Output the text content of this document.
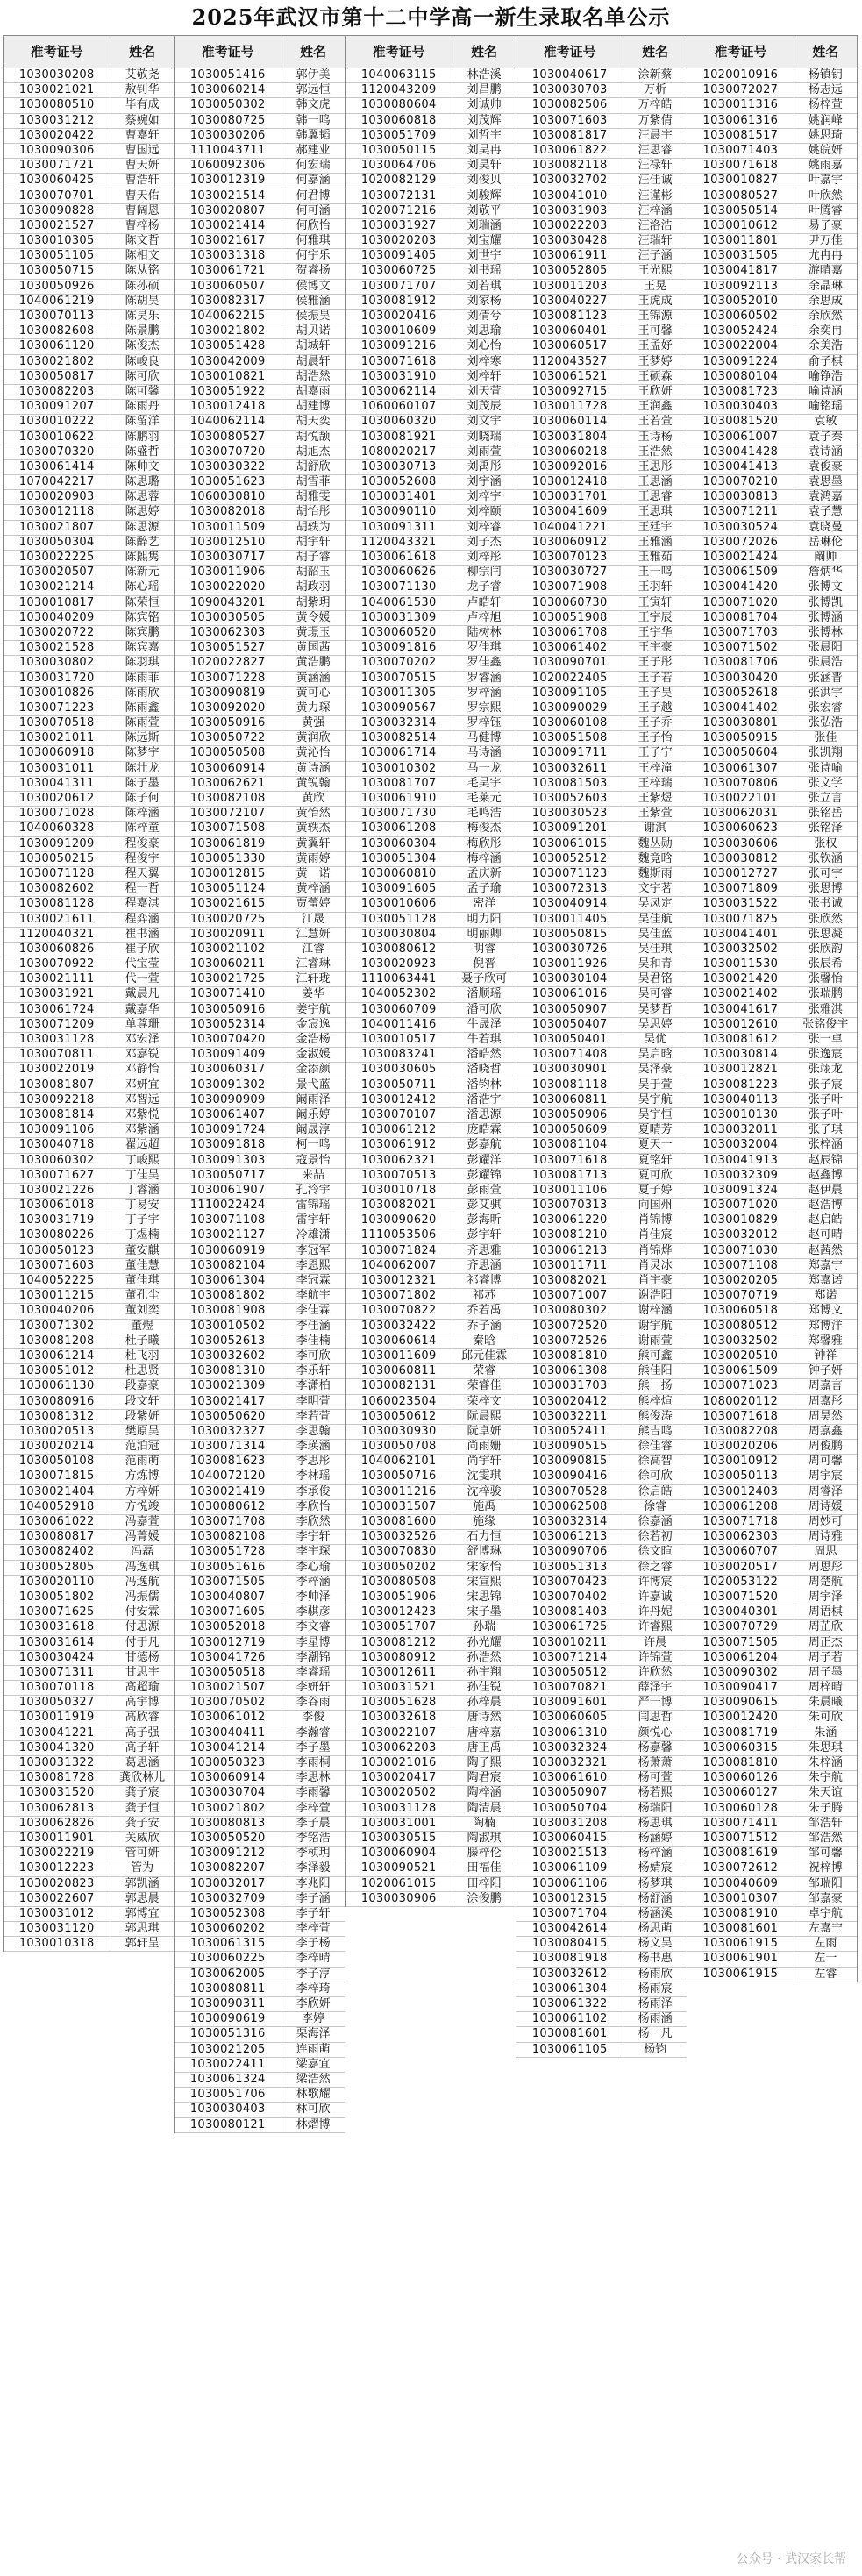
2025年武汉市第十二中学高一新生录取名单公示
准考证号	姓名
1030030208	艾敬尧
1030021021	敖钊华
1030080510	毕有成
1030031212	蔡婉如
1030020422	曹嘉轩
1030090306	曹国远
1030071721	曹天妍
1030060425	曹浩轩
1030070701	曹天佑
1030090828	曹阔恩
1030021527	曹梓杨
1030010305	陈文哲
1030051105	陈相文
1030050715	陈从铭
1030050926	陈孙硕
1040061219	陈胡昊
1030070113	陈昊乐
1030082608	陈景鹏
1030061120	陈俊杰
1030021802	陈峻良
1030050817	陈可欣
1030082203	陈可馨
1030091207	陈雨丹
1030010222	陈留洋
1030010622	陈鹏羽
1030070320	陈盛哲
1030061414	陈帅文
1070042217	陈思璐
1030020903	陈思蓉
1030012118	陈思婷
1030021807	陈思源
1030050304	陈醉艺
1030022225	陈熙隽
1030020507	陈新元
1030021214	陈心瑶
1030010817	陈荣恒
1030040209	陈宾铭
1030020722	陈宾鹏
1030021528	陈宾嘉
1030030802	陈羽琪
1030031720	陈雨菲
1030010826	陈雨欣
1030071223	陈雨鑫
1030070518	陈雨萱
1030021011	陈远斯
1030060918	陈梦宇
1030031011	陈壮龙
1030041311	陈子墨
1030020612	陈子何
1030071028	陈梓涵
1040060328	陈梓童
1030091209	程俊豪
1030050215	程俊宇
1030071128	程天翼
1030082602	程一哲
1030081128	程嘉淇
1030021611	程弈涵
1120040321	崔书涵
1030060826	崔子欣
1030070922	代宝莹
1030021111	代一萱
1030031921	戴晨凡
1030061724	戴嘉华
1030071209	单尊珊
1030031128	邓宏泽
1030070811	邓嘉锐
1030022019	邓静怡
1030081807	邓妍宜
1030092218	邓智远
1030081814	邓紫悦
1030091106	邓紫涵
1030040718	翟远超
1030060302	丁峻熙
1030071627	丁佳昊
1030021226	丁睿涵
1030061018	丁易安
1030031719	丁子宇
1030080226	丁煜楠
1030050123	董安麒
1030071603	董佳慧
1040052225	董佳琪
1030011215	董孔尘
1030040206	董刘奕
1030071302	董煜
1030081208	杜子曦
1030061214	杜飞羽
1030051012	杜思贤
1030061130	段嘉豪
1030080916	段文轩
1030081312	段紫妍
1030020513	樊原昊
1030020214	范泊冠
1030050108	范雨萌
1030071815	方炼博
1030021404	方梓妍
1040052918	方悦竣
1030061022	冯嘉萱
1030080817	冯菁媛
1030082402	冯磊
1030052805	冯逸琪
1030020110	冯逸航
1030051802	冯振儒
1030071625	付安霖
1030031618	付思源
1030031614	付于凡
1030030424	甘德杨
1030071311	甘思宇
1030070118	高超瑜
1030050327	高宇博
1030011919	高欣睿
1030041221	高子强
1030041320	高子轩
1030031322	葛思涵
1030081728	龚欣林儿
1030031520	龚子宸
1030062813	龚子恒
1030062826	龚子安
1030011901	关威欣
1030022219	管可妍
1030012223	管为
1030020823	郭凯涵
1030022607	郭思晨
1030031012	郭博宜
1030031120	郭思琪
1030010318	郭轩呈
准考证号	姓名
1030051416	郭伊美
1030060214	郭远恒
1030050302	韩文虎
1030080725	韩一鸣
1030030206	韩翼韬
1110043711	郝建业
1060092306	何宏瑞
1030012319	何嘉涵
1030021514	何君博
1030020807	何可涵
1030021414	何欣怡
1030021617	何雅琪
1030031318	何宇乐
1030061721	贺睿扬
1030060507	侯博文
1030082317	侯雅涵
1040062215	侯振昊
1030021802	胡贝诺
1030051428	胡城轩
1030042009	胡晨轩
1030010821	胡浩然
1030051922	胡嘉雨
1030012418	胡建博
1040062114	胡天奕
1030080527	胡悦颉
1030070720	胡旭杰
1030030322	胡舒欣
1030051623	胡雪菲
1060030810	胡雅雯
1030082018	胡怡彤
1030011509	胡轶为
1030012510	胡宇轩
1030030717	胡子睿
1030011906	胡韶玉
1030022020	胡政羽
1090043201	胡紫玥
1030030505	黄令媛
1030062303	黄璟玉
1030051527	黄国茜
1020022827	黄浩鹏
1030071228	黄涵涵
1030090819	黄可心
1030092020	黄力琛
1030050916	黄强
1030050722	黄润欣
1030050508	黄沁怡
1030060914	黄诗涵
1030062621	黄锐翰
1030082108	黄欣
1030072107	黄怡然
1030071508	黄轶杰
1030061819	黄翼轩
1030051330	黄雨婷
1030012815	黄一诺
1030051124	黄梓涵
1030021615	贾蕾婷
1030020725	江晟
1030020911	江慧妍
1030021102	江睿
1030060211	江睿琳
1030021725	江轩珑
1030071410	姜华
1030050916	姜宇航
1030052314	金宸逸
1030070420	金浩杨
1030091409	金淑媛
1030060317	金添颜
1030091302	景弋蓝
1030090909	阚雨泽
1030061407	阚乐婷
1030091724	阚晟淳
1030091818	柯一鸣
1030091303	寇景怡
1030050717	来喆
1030061907	孔泠宇
1110022424	雷锦瑶
1030071108	雷宇轩
1030021127	冷雄潇
1030060919	李冠军
1030082104	李恩熙
1030061304	李冠霖
1030081802	李航宇
1030081908	李佳霖
1030010502	李佳涵
1030052613	李佳楠
1030032602	李可欣
1030081310	李乐轩
1030021309	李潇柏
1030021417	李明萱
1030050620	李若萱
1030032327	李思翰
1030071314	李瑛涵
1030081623	李思彤
1040072120	李林瑶
1030021419	李承俊
1030080612	李欣怡
1030071708	李欣然
1030082108	李宇轩
1030051728	李宇琛
1030051616	李心瑜
1030071505	李梓涵
1030040807	李帅泽
1030071605	李骐彦
1030052018	李文睿
1030012719	李星博
1030041726	李潮锦
1030050518	李睿瑶
1030021507	李妍轩
1030070502	李谷雨
1030061012	李俊
1030040411	李瀚睿
1030041214	李子墨
1030050323	李雨桐
1030060914	李思林
1030030704	李雨馨
1030021802	李梓萱
1030080813	李子晨
1030050520	李铭浩
1030091212	李桢玥
1030082207	李泽毅
1030032017	李兆阳
1030032709	李子涵
1030052308	李子轩
1030060202	李梓萱
1030061315	李子杨
1030060225	李梓晴
1030062005	李子淳
1030080811	李梓琦
1030090311	李欣妍
1030090619	李婷
1030051316	栗海泽
1030021205	连雨萌
1030022411	梁嘉宜
1030061324	梁浩然
1030051706	林歌耀
1030030403	林可欣
1030080121	林熠博
准考证号	姓名
1040063115	林浩溪
1120043209	刘昌鹏
1030080604	刘诚帅
1030060818	刘茂辉
1030051709	刘哲宇
1030050115	刘昊冉
1030064706	刘昊轩
1020082129	刘俊贝
1030072131	刘骏辉
1020071216	刘敬平
1030031927	刘瑞涵
1030020203	刘宝耀
1030091405	刘世宇
1030060725	刘书瑶
1030071707	刘若琪
1030081912	刘家杨
1030020416	刘倩兮
1030010609	刘思瑜
1030091216	刘心怡
1030071618	刘梓寒
1030031910	刘梓轩
1030062114	刘天萱
1060060107	刘茂辰
1030060320	刘文宇
1030081921	刘晓瑞
1080020217	刘雨萱
1030030713	刘禹彤
1030052608	刘宇涵
1030031401	刘梓宇
1030090110	刘梓颐
1030091311	刘梓睿
1120043321	刘子杰
1030061618	刘梓彤
1030060626	柳宗闫
1030071130	龙子睿
1040061530	卢皓轩
1030031309	卢梓旭
1030060520	陆树林
1030091816	罗佳琪
1030070202	罗佳鑫
1030070515	罗睿涵
1030011305	罗梓涵
1030090567	罗宗熙
1030032314	罗梓钰
1030082514	马健博
1030061714	马诗涵
1030010302	马一龙
1030081707	毛昊宇
1030061910	毛莱元
1030071730	毛鸣浩
1030061208	梅俊杰
1030060304	梅欣彤
1030051304	梅梓涵
1030060810	孟庆新
1030091605	孟子瑜
1030010606	密洋
1030051128	明力阳
1030030804	明丽卿
1030080612	明睿
1030020923	倪晋
1110063441	聂子欣可
1040052302	潘顺瑶
1030060709	潘可欣
1040011416	牛晟泽
1030010517	牛若琪
1030083241	潘皓然
1030030605	潘晓哲
1030050711	潘钧林
1030012412	潘浩宇
1030070107	潘思源
1030061212	庞皓霖
1030061912	彭嘉航
1030062321	彭耀洋
1030070513	彭耀锦
1030010718	彭雨萱
1030082021	彭艾骐
1030090620	彭海昕
1110053506	彭宇轩
1030071824	齐思雅
1040062007	齐思涵
1030012321	祁睿博
1030071802	祁苏
1030070822	乔若禹
1030032422	乔子涵
1030060614	秦晗
1030011609	邱元佳霖
1030060811	荣睿
1030082131	荣睿佳
1060023504	荣梓文
1030050612	阮晨熙
1030030930	阮卓妍
1030050708	尚雨姗
1040062101	尚宇轩
1030050716	沈雯琪
1030011216	沈梓骏
1030031507	施禹
1030081600	施缘
1030032526	石力恒
1030070830	舒博琳
1030050202	宋家怡
1030080508	宋宣熙
1030051906	宋思锦
1030012423	宋子墨
1030051707	孙瑞
1030081212	孙光耀
1030080912	孙浩然
1030012611	孙宇翔
1030031521	孙佳锐
1030051628	孙梓晨
1030032618	唐诗然
1030022107	唐梓嘉
1030062203	唐正禹
1030021016	陶子熙
1030020417	陶君宸
1030020502	陶梓涵
1030031128	陶清晨
1030031001	陶楠
1030030515	陶淑琪
1030060904	滕梓伦
1030090521	田福佳
1020061015	田梓阳
1030030906	涂俊鹏
准考证号	姓名
1030040617	涂新蔡
1030030703	万析
1030082506	万梓皓
1030071603	万紫倩
1030081817	汪晨宇
1030061822	汪思睿
1030082118	汪禄轩
1030032702	汪佳诚
1030041010	汪谨彬
1030031903	汪梓涵
1030022203	汪洛浩
1030030428	汪瑞轩
1030061911	汪子涵
1030052805	王光熙
1030011203	王晃
1030040227	王虎成
1030081123	王锦源
1030060401	王可馨
1030060517	王孟妤
1120043527	王梦婷
1030061521	王硕森
1030092715	王欣妍
1030011728	王润鑫
1030060114	王若萱
1030031804	王诗杨
1030060218	王浩然
1030092016	王思彤
1030012418	王思涵
1030031701	王思睿
1030041609	王思琪
1040041221	王廷宇
1030060912	王雅涵
1030070123	王雅茹
1030030727	王一鸣
1030071908	王羽轩
1030060730	王寅轩
1030051908	王宇辰
1030061708	王宇华
1030061402	王宇豪
1030090701	王子彤
1020022405	王子若
1030091105	王子昊
1030090029	王子越
1030060108	王子乔
1030051508	王子怡
1030091711	王子宁
1030032611	王梓潼
1030081503	王梓瑞
1030052603	王紫煜
1030030523	王紫萱
1030091201	谢淇
1030061015	魏丛勋
1030052512	魏竟晗
1030071123	魏斯雨
1030072313	文宇茗
1030040914	吴凤定
1030011405	吴佳航
1030050815	吴佳蓝
1030030726	吴佳琪
1030011926	吴和青
1030030104	吴君铭
1030061016	吴可睿
1030050907	吴梦哲
1030050407	吴思婷
1030050401	吴优
1030071408	吴启晗
1030030901	吴泽豪
1030081118	吴于萱
1030060811	吴宇航
1030050906	吴宇恒
1030050609	夏晴芳
1030081104	夏天一
1030071618	夏铭轩
1030081713	夏可欣
1030011106	夏子婷
1030070313	向国州
1030061220	肖锦博
1030081210	肖佳宸
1030061213	肖锦烨
1030011711	肖灵冰
1030082021	肖宇豪
1030071007	谢浩阳
1030080302	谢梓涵
1030072520	谢宇航
1030072526	谢雨萱
1030081810	熊可鑫
1030061308	熊佳阳
1030031703	熊一扬
1030020412	熊梓煊
1030032211	熊俊涛
1030052411	熊吉鸣
1030090515	徐佳睿
1030090815	徐高智
1030090416	徐可欣
1030070528	徐启皓
1030062508	徐睿
1030032314	徐嘉涵
1030061213	徐若初
1030090706	徐文暄
1030051313	徐之睿
1030070423	许博宸
1030070402	许嘉诚
1030081403	许丹妮
1030061725	许睿熙
1030010211	许晨
1030071214	许锦萱
1030050512	许欣然
1030070821	薛泽宇
1030091601	严一博
1030060605	闫思哲
1030061310	颜悦心
1030032324	杨嘉馨
1030032321	杨萧萧
1030061610	杨可萱
1030050907	杨若熙
1030050704	杨瑞阳
1030031208	杨思琪
1030060415	杨涵婷
1030021513	杨梓涵
1030061109	杨婧宸
1030061106	杨梦琪
1030012315	杨舒涵
1030071704	杨涵溪
1030042614	杨思萌
1030080415	杨文昊
1030081918	杨书惠
1030032612	杨雨欣
1030061304	杨雨宸
1030061322	杨雨泽
1030061102	杨雨涵
1030081601	杨一凡
1030061105	杨钧
准考证号	姓名
1020010916	杨镇钥
1030072027	杨志远
1030011316	杨梓萱
1030061316	姚润峰
1030081517	姚思琦
1030071403	姚皖妍
1030071618	姚雨嘉
1030010827	叶嘉宇
1030080527	叶欣然
1030050514	叶腾睿
1030010612	易子豪
1030011801	尹万佳
1030031505	尤冉冉
1030041817	游晴嘉
1030092113	余晶琳
1030052010	余思成
1030060502	余欣然
1030052424	余奕冉
1030022004	余美浩
1030091224	俞子棋
1030080104	喻铮浩
1030081723	喻诗涵
1030030403	喻铭瑶
1030081520	袁敏
1030061007	袁子秦
1030041428	袁诗涵
1030041413	袁俊豪
1030070210	袁思墨
1030030813	袁鸿嘉
1030071211	袁子慧
1030030524	袁晓曼
1030072026	岳琳伦
1030021424	阚帅
1030061509	詹炳华
1030041420	张博文
1030071020	张博凯
1030081704	张博涵
1030071703	张博林
1030071502	张晨阳
1030081706	张晨浩
1030030420	张涵晋
1030052618	张洪宇
1030041402	张宏睿
1030030801	张弘浩
1030050915	张佳
1030050604	张凯翔
1030061307	张诗喻
1030070806	张文学
1030022101	张立言
1030062031	张铭岳
1030060623	张铭泽
1030030606	张权
1030030812	张钦涵
1030012727	张可宇
1030071809	张思博
1030031522	张书诚
1030071825	张欣然
1030041401	张思凝
1030032502	张欣韵
1030011530	张辰希
1030021420	张馨怡
1030021402	张瑞鹏
1030041617	张雅淇
1030012610	张铭俊宇
1030081612	张一卓
1030030814	张逸宸
1030012821	张翊龙
1030081223	张子宸
1030040113	张子叶
1030010130	张子叶
1030032011	张子琪
1030032004	张梓涵
1030041913	赵辰锦
1030032309	赵鑫博
1030091324	赵伊晨
1030071020	赵浩博
1030010829	赵启皓
1030032012	赵可晴
1030071030	赵茜然
1030071108	郑嘉宁
1030020205	郑嘉诺
1030070719	郑诺
1030060518	郑博文
1030080512	郑博洋
1030032502	郑馨雅
1030020510	钟祥
1030061509	钟子妍
1030071023	周嘉言
1080020112	周嘉彤
1030071618	周昊然
1030082208	周嘉鑫
1030020206	周俊鹏
1030010912	周可馨
1030050113	周宇宸
1030012403	周睿泽
1030061208	周诗媛
1030071718	周妙可
1030062303	周诗雅
1030060707	周思
1030020517	周思彤
1020053122	周楚航
1030071520	周宇泽
1030040301	周语棋
1030070729	周芷欣
1030071505	周正杰
1030061204	周子若
1030090302	周子墨
1030090417	周梓晴
1030090615	朱晨曦
1030012420	朱可欣
1030081719	朱涵
1030060315	朱思琪
1030081810	朱梓涵
1030060126	朱宇航
1030060127	朱天谊
1030060128	朱子腾
1030071411	邹浩轩
1030071512	邹浩然
1030081619	邹可馨
1030072612	祝梓博
1030040609	邹瑞阳
1030010307	邹嘉豪
1030081910	卓宇航
1030081601	左嘉宁
1030061915	左雨
1030061901	左一
1030061915	左睿
公众号 · 武汉家长帮
